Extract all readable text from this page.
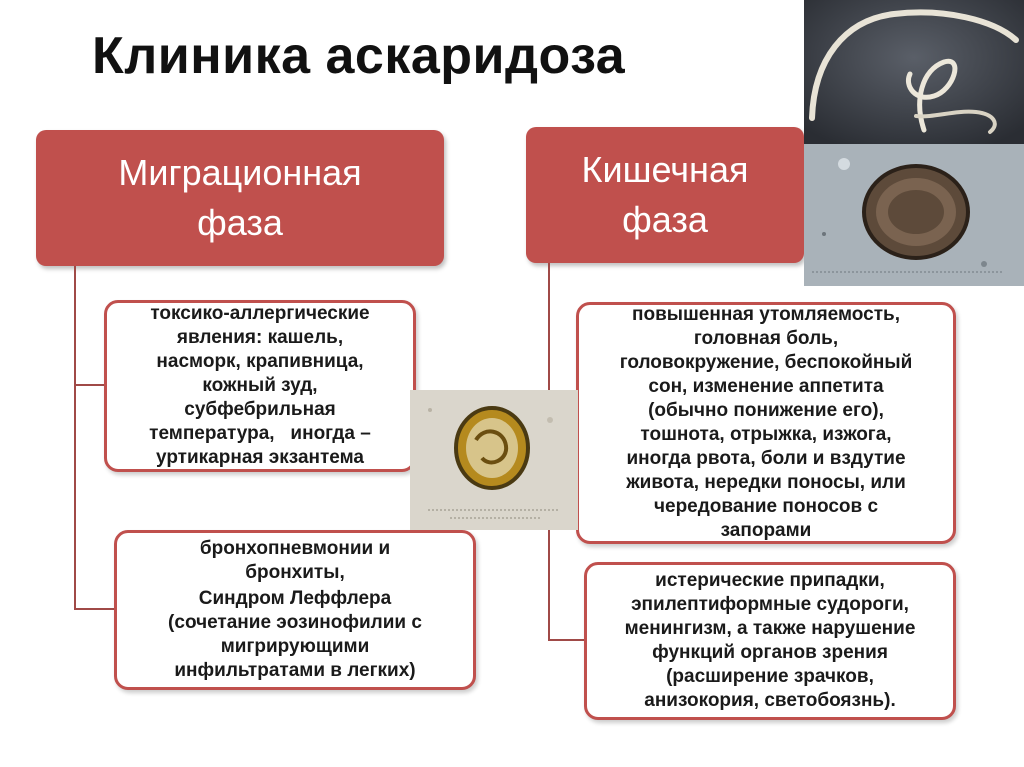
Клиника аскаридоза
Миграционная
фаза
Кишечная
фаза

токсико-аллергические

явления: кашель,

насморк, крапивница,

кожный зуд,

субфебрильная

температура,   иногда –

уртикарная экзантема

бронхопневмонии и

бронхиты,

Синдром Леффлера

(сочетание эозинофилии с

мигрирующими

инфильтратами в легких)

повышенная утомляемость,

головная боль,

головокружение, беспокойный

сон, изменение аппетита

(обычно понижение его),

тошнота, отрыжка, изжога,

иногда рвота, боли и вздутие

живота, нередки поносы, или

чередование поносов с

запорами

истерические припадки,

эпилептиформные судороги,

менингизм, а также нарушение

функций органов зрения

(расширение зрачков,

анизокория, светобоязнь).
